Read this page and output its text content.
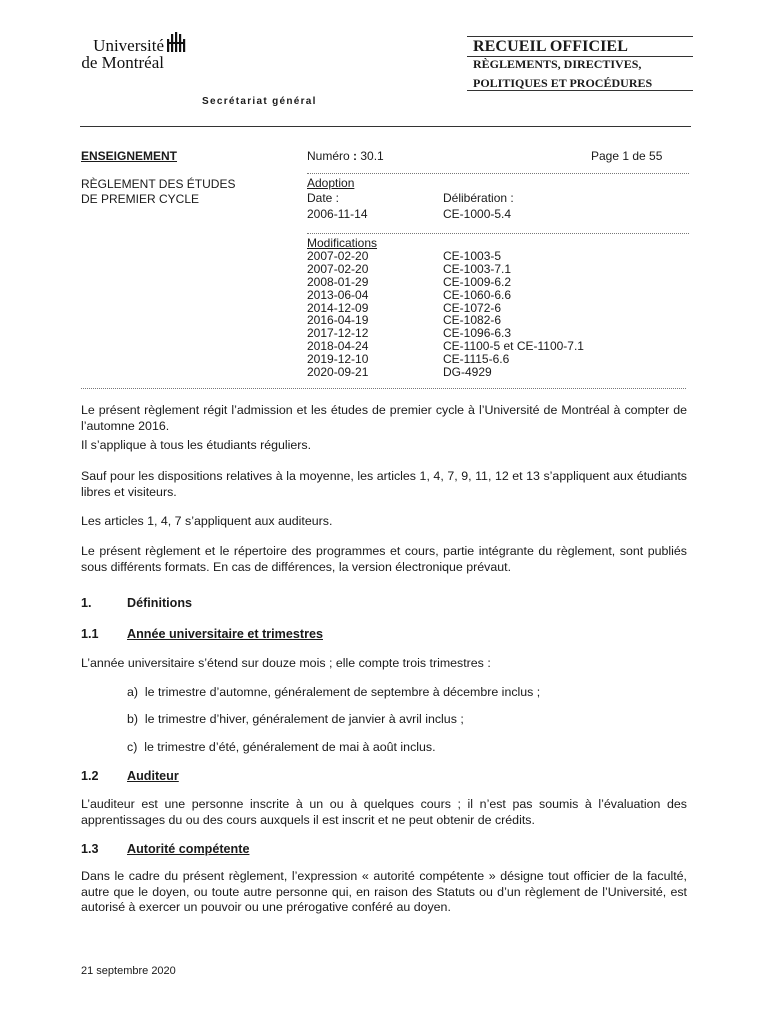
Université
de Montréal
RECUEIL OFFICIEL
RÈGLEMENTS, DIRECTIVES,
POLITIQUES ET PROCÉDURES
Secrétariat général
ENSEIGNEMENT
RÈGLEMENT DES ÉTUDES
DE PREMIER CYCLE
Numéro : 30.1	Page 1 de 55
Adoption
Date :	Délibération :
2006-11-14	CE-1000-5.4
Modifications
2007-02-20	CE-1003-5
2007-02-20	CE-1003-7.1
2008-01-29	CE-1009-6.2
2013-06-04	CE-1060-6.6
2014-12-09	CE-1072-6
2016-04-19	CE-1082-6
2017-12-12	CE-1096-6.3
2018-04-24	CE-1100-5 et CE-1100-7.1
2019-12-10	CE-1115-6.6
2020-09-21	DG-4929
Le présent règlement régit l’admission et les études de premier cycle à l’Université de Montréal à compter de l’automne 2016.
Il s’applique à tous les étudiants réguliers.
Sauf pour les dispositions relatives à la moyenne, les articles 1, 4, 7, 9, 11, 12 et 13 s’appliquent aux étudiants libres et visiteurs.
Les articles 1, 4, 7 s’appliquent aux auditeurs.
Le présent règlement et le répertoire des programmes et cours, partie intégrante du règlement, sont publiés sous différents formats. En cas de différences, la version électronique prévaut.
1.	Définitions
1.1 Année universitaire et trimestres
L’année universitaire s’étend sur douze mois ; elle compte trois trimestres :
a) le trimestre d’automne, généralement de septembre à décembre inclus ;
b) le trimestre d’hiver, généralement de janvier à avril inclus ;
c) le trimestre d’été, généralement de mai à août inclus.
1.2 Auditeur
L’auditeur est une personne inscrite à un ou à quelques cours ; il n’est pas soumis à l’évaluation des apprentissages du ou des cours auxquels il est inscrit et ne peut obtenir de crédits.
1.3 Autorité compétente
Dans le cadre du présent règlement, l’expression « autorité compétente » désigne tout officier de la faculté, autre que le doyen, ou toute autre personne qui, en raison des Statuts ou d’un règlement de l’Université, est autorisé à exercer un pouvoir ou une prérogative conféré au doyen.
21 septembre 2020
